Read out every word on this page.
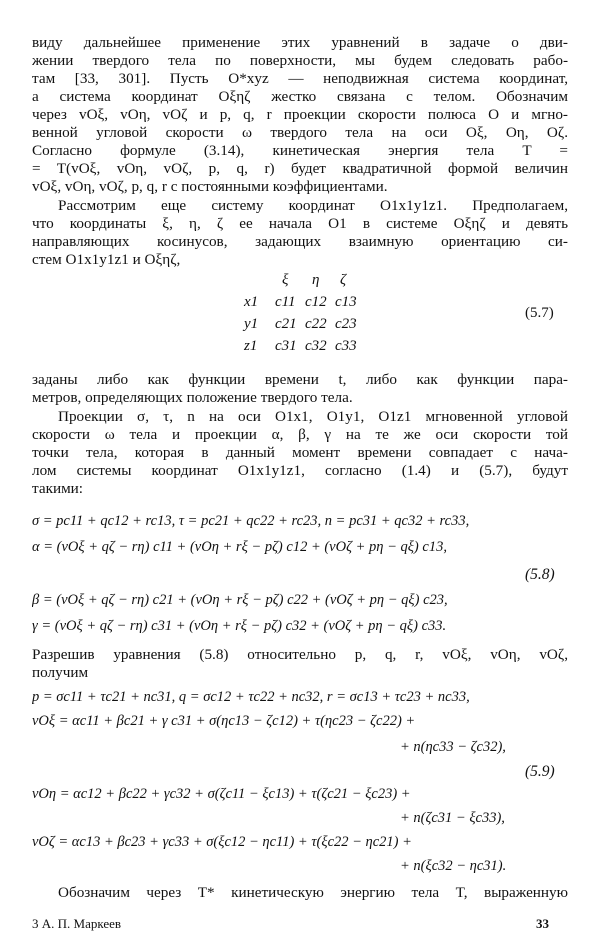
виду дальнейшее применение этих уравнений в задаче о дви-
жении твердого тела по поверхности, мы будем следовать рабо-
там [33, 301]. Пусть O*xyz — неподвижная система координат,
а система координат Oξηζ жестко связана с телом. Обозначим
через vOξ, vOη, vOζ и p, q, r проекции скорости полюса O и мгно-
венной угловой скорости ω твердого тела на оси Oξ, Oη, Oζ.
Согласно формуле (3.14), кинетическая энергия тела T =
= T(vOξ, vOη, vOζ, p, q, r) будет квадратичной формой величин
vOξ, vOη, vOζ, p, q, r с постоянными коэффициентами.
Рассмотрим еще систему координат O1x1y1z1. Предполагаем,
что координаты ξ, η, ζ ее начала O1 в системе Oξηζ и девять
направляющих косинусов, задающих взаимную ориентацию си-
стем O1x1y1z1 и Oξηζ,
ξ η ζ
x1 c11 c12 c13
y1 c21 c22 c23
z1 c31 c32 c33
(5.7)
заданы либо как функции времени t, либо как функции пара-
метров, определяющих положение твердого тела.
Проекции σ, τ, n на оси O1x1, O1y1, O1z1 мгновенной угловой
скорости ω тела и проекции α, β, γ на те же оси скорости той
точки тела, которая в данный момент времени совпадает с нача-
лом системы координат O1x1y1z1, согласно (1.4) и (5.7), будут
такими:
σ = pc11 + qc12 + rc13, τ = pc21 + qc22 + rc23, n = pc31 + qc32 + rc33,
α = (vOξ + qζ − rη) c11 + (vOη + rξ − pζ) c12 + (vOζ + pη − qξ) c13,
(5.8)
β = (vOξ + qζ − rη) c21 + (vOη + rξ − pζ) c22 + (vOζ + pη − qξ) c23,
γ = (vOξ + qζ − rη) c31 + (vOη + rξ − pζ) c32 + (vOζ + pη − qξ) c33.
Разрешив уравнения (5.8) относительно p, q, r, vOξ, vOη, vOζ,
получим
p = σc11 + τc21 + nc31, q = σc12 + τc22 + nc32, r = σc13 + τc23 + nc33,
vOξ = αc11 + βc21 + γ c31 + σ(ηc13 − ζc12) + τ(ηc23 − ζc22) +
+ n(ηc33 − ζc32),
(5.9)
vOη = αc12 + βc22 + γc32 + σ(ζc11 − ξc13) + τ(ζc21 − ξc23) +
+ n(ζc31 − ξc33),
vOζ = αc13 + βc23 + γc33 + σ(ξc12 − ηc11) + τ(ξc22 − ηc21) +
+ n(ξc32 − ηc31).
Обозначим через T* кинетическую энергию тела T, выраженную
3 А. П. Маркеев	33
